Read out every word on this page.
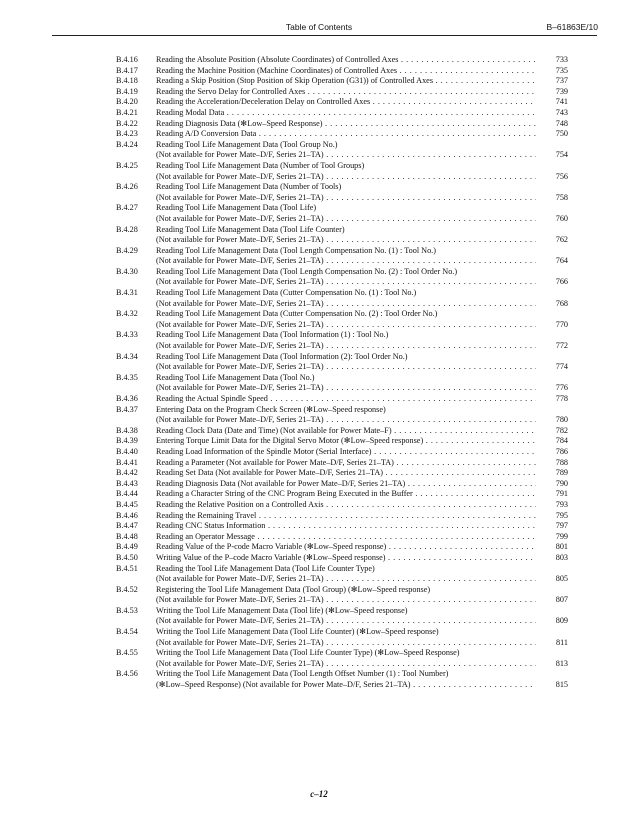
Table of Contents	B–61863E/10
B.4.16	Reading the Absolute Position (Absolute Coordinates) of Controlled Axes . . .	733
B.4.17	Reading the Machine Position (Machine Coordinates) of Controlled Axes . . .	735
B.4.18	Reading a Skip Position (Stop Position of Skip Operation (G31)) of Controlled Axes . . .	737
B.4.19	Reading the Servo Delay for Controlled Axes . . .	739
B.4.20	Reading the Acceleration/Deceleration Delay on Controlled Axes . . .	741
B.4.21	Reading Modal Data . . .	743
B.4.22	Reading Diagnosis Data (✻Low–Speed Response) . . .	748
B.4.23	Reading A/D Conversion Data . . .	750
B.4.24	Reading Tool Life Management Data (Tool Group No.)
(Not available for Power Mate–D/F, Series 21–TA) . . .	754
B.4.25	Reading Tool Life Management Data (Number of Tool Groups)
(Not available for Power Mate–D/F, Series 21–TA) . . .	756
B.4.26	Reading Tool Life Management Data (Number of Tools)
(Not available for Power Mate–D/F, Series 21–TA) . . .	758
B.4.27	Reading Tool Life Management Data (Tool Life)
(Not available for Power Mate–D/F, Series 21–TA) . . .	760
B.4.28	Reading Tool Life Management Data (Tool Life Counter)
(Not available for Power Mate–D/F, Series 21–TA) . . .	762
B.4.29	Reading Tool Life Management Data (Tool Length Compensation No. (1) : Tool No.)
(Not available for Power Mate–D/F, Series 21–TA) . . .	764
B.4.30	Reading Tool Life Management Data (Tool Length Compensation No. (2) : Tool Order No.)
(Not available for Power Mate–D/F, Series 21–TA) . . .	766
B.4.31	Reading Tool Life Management Data (Cutter Compensation No. (1) : Tool No.)
(Not available for Power Mate–D/F, Series 21–TA) . . .	768
B.4.32	Reading Tool Life Management Data (Cutter Compensation No. (2) : Tool Order No.)
(Not available for Power Mate–D/F, Series 21–TA) . . .	770
B.4.33	Reading Tool Life Management Data (Tool Information (1) : Tool No.)
(Not available for Power Mate–D/F, Series 21–TA) . . .	772
B.4.34	Reading Tool Life Management Data (Tool Information (2): Tool Order No.)
(Not available for Power Mate–D/F, Series 21–TA) . . .	774
B.4.35	Reading Tool Life Management Data (Tool No.)
(Not available for Power Mate–D/F, Series 21–TA) . . .	776
B.4.36	Reading the Actual Spindle Speed . . .	778
B.4.37	Entering Data on the Program Check Screen (✻Low–Speed response)
(Not available for Power Mate–D/F, Series 21–TA) . . .	780
B.4.38	Reading Clock Data (Date and Time) (Not available for Power Mate–F) . . .	782
B.4.39	Entering Torque Limit Data for the Digital Servo Motor (✻Low–Speed response) . . .	784
B.4.40	Reading Load Information of the Spindle Motor (Serial Interface) . . .	786
B.4.41	Reading a Parameter (Not available for Power Mate–D/F, Series 21–TA) . . .	788
B.4.42	Reading Set Data (Not available for Power Mate–D/F, Series 21–TA) . . .	789
B.4.43	Reading Diagnosis Data (Not available for Power Mate–D/F, Series 21–TA) . . .	790
B.4.44	Reading a Character String of the CNC Program Being Executed in the Buffer . . .	791
B.4.45	Reading the Relative Position on a Controlled Axis . . .	793
B.4.46	Reading the Remaining Travel . . .	795
B.4.47	Reading CNC Status Information . . .	797
B.4.48	Reading an Operator Message . . .	799
B.4.49	Reading Value of the P-code Macro Variable (✻Low–Speed response) . . .	801
B.4.50	Writing Value of the P–code Macro Variable (✻Low–Speed response) . . .	803
B.4.51	Reading the Tool Life Management Data (Tool Life Counter Type)
(Not available for Power Mate–D/F, Series 21–TA) . . .	805
B.4.52	Registering the Tool Life Management Data (Tool Group) (✻Low–Speed response)
(Not available for Power Mate–D/F, Series 21–TA) . . .	807
B.4.53	Writing the Tool Life Management Data (Tool life) (✻Low–Speed response)
(Not available for Power Mate–D/F, Series 21–TA) . . .	809
B.4.54	Writing the Tool Life Management Data (Tool Life Counter) (✻Low–Speed response)
(Not available for Power Mate–D/F, Series 21–TA) . . .	811
B.4.55	Writing the Tool Life Management Data (Tool Life Counter Type) (✻Low–Speed Response)
(Not available for Power Mate–D/F, Series 21–TA) . . .	813
B.4.56	Writing the Tool Life Management Data (Tool Length Offset Number (1) : Tool Number)
(✻Low–Speed Response) (Not available for Power Mate–D/F, Series 21–TA) . . .	815
c–12
